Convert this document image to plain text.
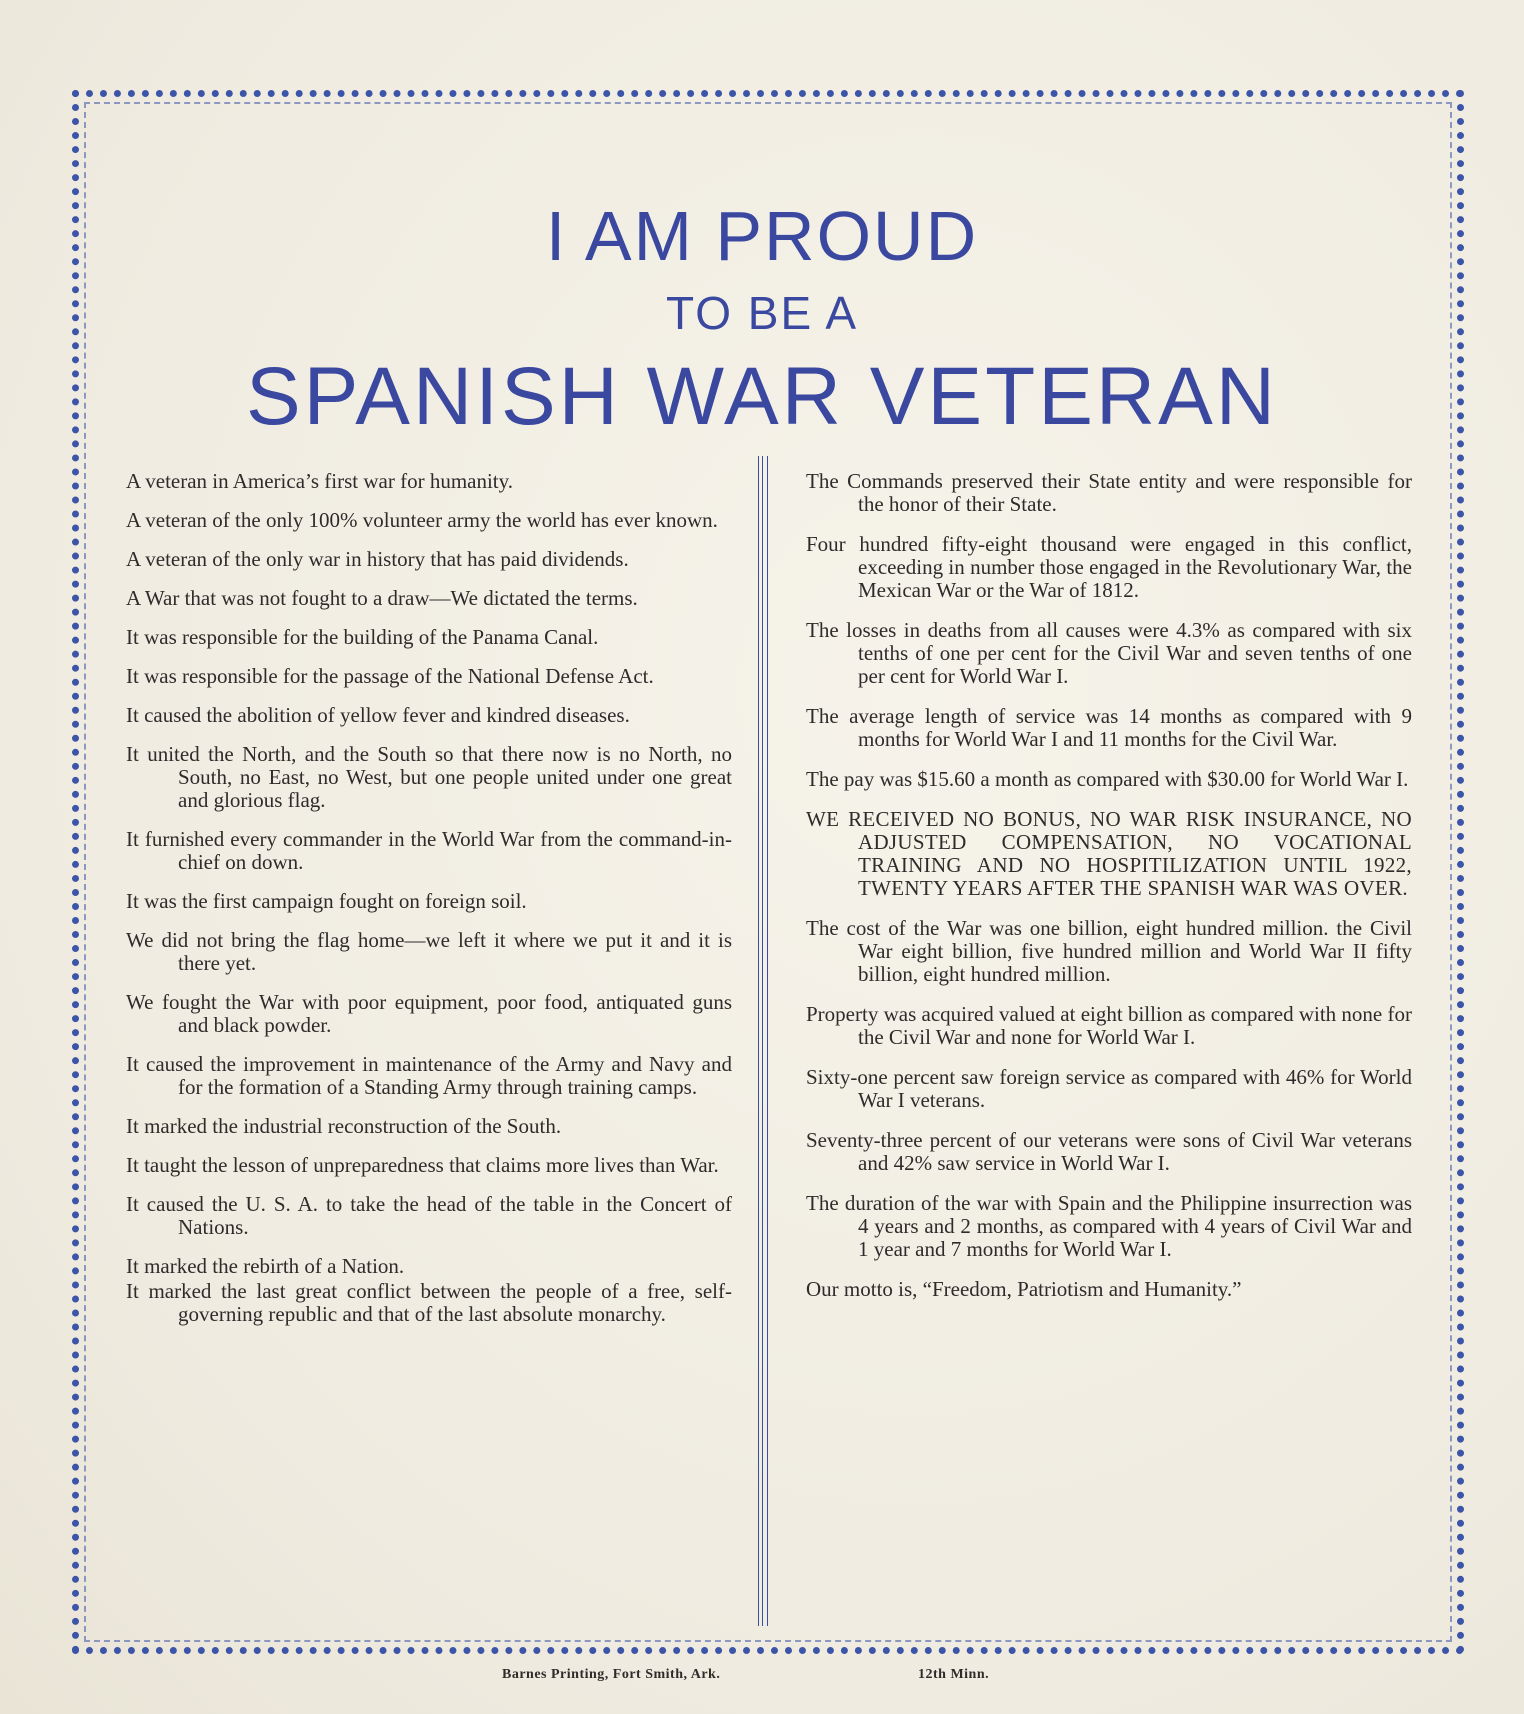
I AM PROUD
TO BE A
SPANISH WAR VETERAN

A veteran in America’s first war for humanity.

A veteran of the only 100% volunteer army the world has ever known.

A veteran of the only war in history that has paid dividends.

A War that was not fought to a draw—We dictated the terms.

It was responsible for the building of the Panama Canal.

It was responsible for the passage of the National Defense Act.

It caused the abolition of yellow fever and kindred diseases.

It united the North, and the South so that there now is no North, no South, no East, no West, but one people united under one great and glorious flag.

It furnished every commander in the World War from the command-in-chief on down.

It was the first campaign fought on foreign soil.

We did not bring the flag home—we left it where we put it and it is there yet.

We fought the War with poor equipment, poor food, antiquated guns and black powder.

It caused the improvement in maintenance of the Army and Navy and for the formation of a Standing Army through training camps.

It marked the industrial reconstruction of the South.

It taught the lesson of unpreparedness that claims more lives than War.

It caused the U. S. A. to take the head of the table in the Concert of Nations.

It marked the rebirth of a Nation.

It marked the last great conflict between the people of a free, self-governing republic and that of the last absolute monarchy.

The Commands preserved their State entity and were responsible for the honor of their State.

Four hundred fifty-eight thousand were engaged in this conflict, exceeding in number those engaged in the Revolutionary War, the Mexican War or the War of 1812.

The losses in deaths from all causes were 4.3% as compared with six tenths of one per cent for the Civil War and seven tenths of one per cent for World War I.

The average length of service was 14 months as compared with 9 months for World War I and 11 months for the Civil War.

The pay was $15.60 a month as compared with $30.00 for World War I.

WE RECEIVED NO BONUS, NO WAR RISK INSURANCE, NO ADJUSTED COMPENSATION, NO VOCATIONAL TRAINING AND NO HOSPITILIZATION UNTIL 1922, TWENTY YEARS AFTER THE SPANISH WAR WAS OVER.

The cost of the War was one billion, eight hundred million. the Civil War eight billion, five hundred million and World War II fifty billion, eight hundred million.

Property was acquired valued at eight billion as compared with none for the Civil War and none for World War I.

Sixty-one percent saw foreign service as compared with 46% for World War I veterans.

Seventy-three percent of our veterans were sons of Civil War veterans and 42% saw service in World War I.

The duration of the war with Spain and the Philippine insurrection was 4 years and 2 months, as compared with 4 years of Civil War and 1 year and 7 months for World War I.

Our motto is, “Freedom, Patriotism and Humanity.”

Barnes Printing, Fort Smith, Ark.	12th Minn.
